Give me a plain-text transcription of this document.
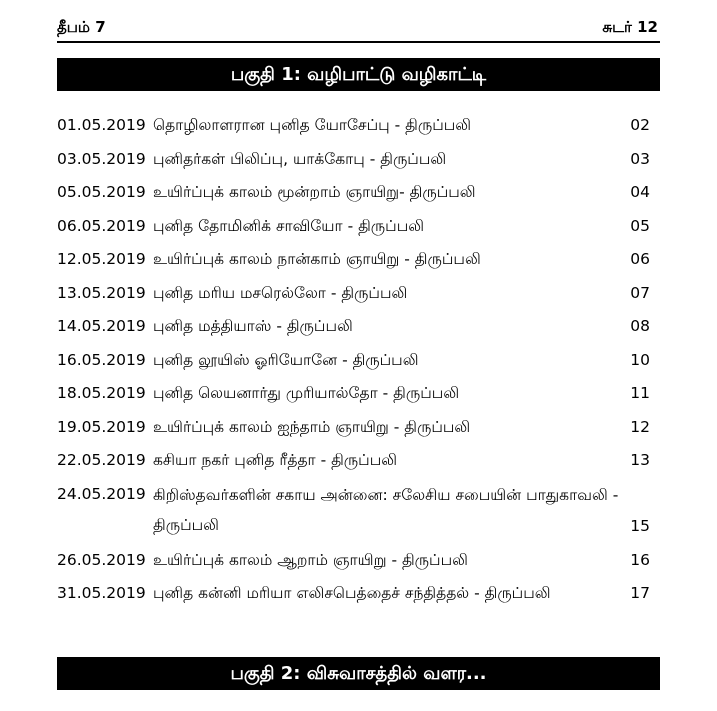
தீபம் 7	சுடர் 12
பகுதி 1: வழிபாட்டு வழிகாட்டி
01.05.2019 தொழிலாளரான புனித யோசேப்பு - திருப்பலி	02
03.05.2019 புனிதர்கள் பிலிப்பு, யாக்கோபு - திருப்பலி	03
05.05.2019 உயிர்ப்புக் காலம் மூன்றாம் ஞாயிறு- திருப்பலி	04
06.05.2019 புனித தோமினிக் சாவியோ - திருப்பலி	05
12.05.2019 உயிர்ப்புக் காலம் நான்காம் ஞாயிறு - திருப்பலி	06
13.05.2019 புனித மரிய மசரெல்லோ - திருப்பலி	07
14.05.2019 புனித மத்தியாஸ் - திருப்பலி	08
16.05.2019 புனித லூயிஸ் ஓரியோனே - திருப்பலி	10
18.05.2019 புனித லெயனார்து முரியால்தோ - திருப்பலி	11
19.05.2019 உயிர்ப்புக் காலம் ஐந்தாம் ஞாயிறு - திருப்பலி	12
22.05.2019 கசியா நகர் புனித ரீத்தா - திருப்பலி	13
24.05.2019 கிறிஸ்தவர்களின் சகாய அன்னை: சலேசிய சபையின் பாதுகாவலி - திருப்பலி	15
26.05.2019 உயிர்ப்புக் காலம் ஆறாம் ஞாயிறு - திருப்பலி	16
31.05.2019 புனித கன்னி மரியா எலிசபெத்தைச் சந்தித்தல் - திருப்பலி	17
பகுதி 2: விசுவாசத்தில் வளர...
